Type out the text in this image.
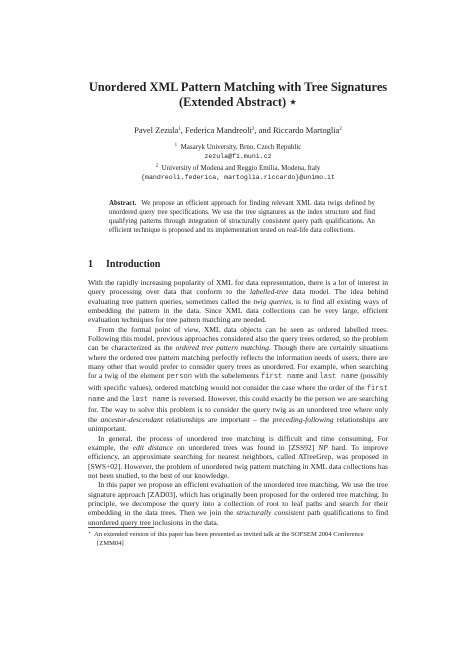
Unordered XML Pattern Matching with Tree Signatures
(Extended Abstract) ⋆
Pavel Zezula$^1$, Federica Mandreoli$^2$, and Riccardo Martoglia$^2$
$^1$ Masaryk University, Brno, Czech Republic
zezula@fi.muni.cz
$^2$ University of Modena and Reggio Emilia, Modena, Italy
{mandreoli.federica, martoglia.riccardo}@unimo.it
Abstract. We propose an efficient approach for finding relevant XML data twigs defined by unordered query tree specifications. We use the tree signatures as the index structure and find qualifying patterns through integration of structurally consistent query path qualifications. An efficient technique is proposed and its implementation tested on real-life data collections.
1 Introduction

With the rapidly increasing popularity of XML for data representation, there is a lot of interest in query processing over data that conform to the labelled-tree data model. The idea behind evaluating tree pattern queries, sometimes called the twig queries, is to find all existing ways of embedding the pattern in the data. Since XML data collections can be very large, efficient evaluation techniques for tree pattern matching are needed.

From the formal point of view, XML data objects can be seen as ordered labelled trees. Following this model, previous approaches considered also the query trees ordered, so the problem can be characterized as the ordered tree pattern matching. Though there are certainly situations where the ordered tree pattern matching perfectly reflects the information needs of users, there are many other that would prefer to consider query trees as unordered. For example, when searching for a twig of the element person with the subelements first name and last name (possibly with specific values), ordered matching would not consider the case where the order of the first name and the last name is reversed. However, this could exactly be the person we are searching for. The way to solve this problem is to consider the query twig as an unordered tree where only the ancestor-descendant relationships are important – the preceding-following relationships are unimportant.

In general, the process of unordered tree matching is difficult and time consuming. For example, the edit distance on unordered trees was found in [ZSS92] NP hard. To improve efficiency, an approximate searching for nearest neighbors, called ATreeGrep, was proposed in [SWS+02]. However, the problem of unordered twig pattern matching in XML data collections has not been studied, to the best of our knowledge.

In this paper we propose an efficient evaluation of the unordered tree matching. We use the tree signature approach [ZAD03], which has originally been proposed for the ordered tree matching. In principle, we decompose the query into a collection of root to leaf paths and search for their embedding in the data trees. Then we join the structurally consistent path qualifications to find unordered query tree inclusions in the data.

⋆ An extended version of this paper has been presented as invited talk at the SOFSEM 2004 Conference
[ZMM04]
